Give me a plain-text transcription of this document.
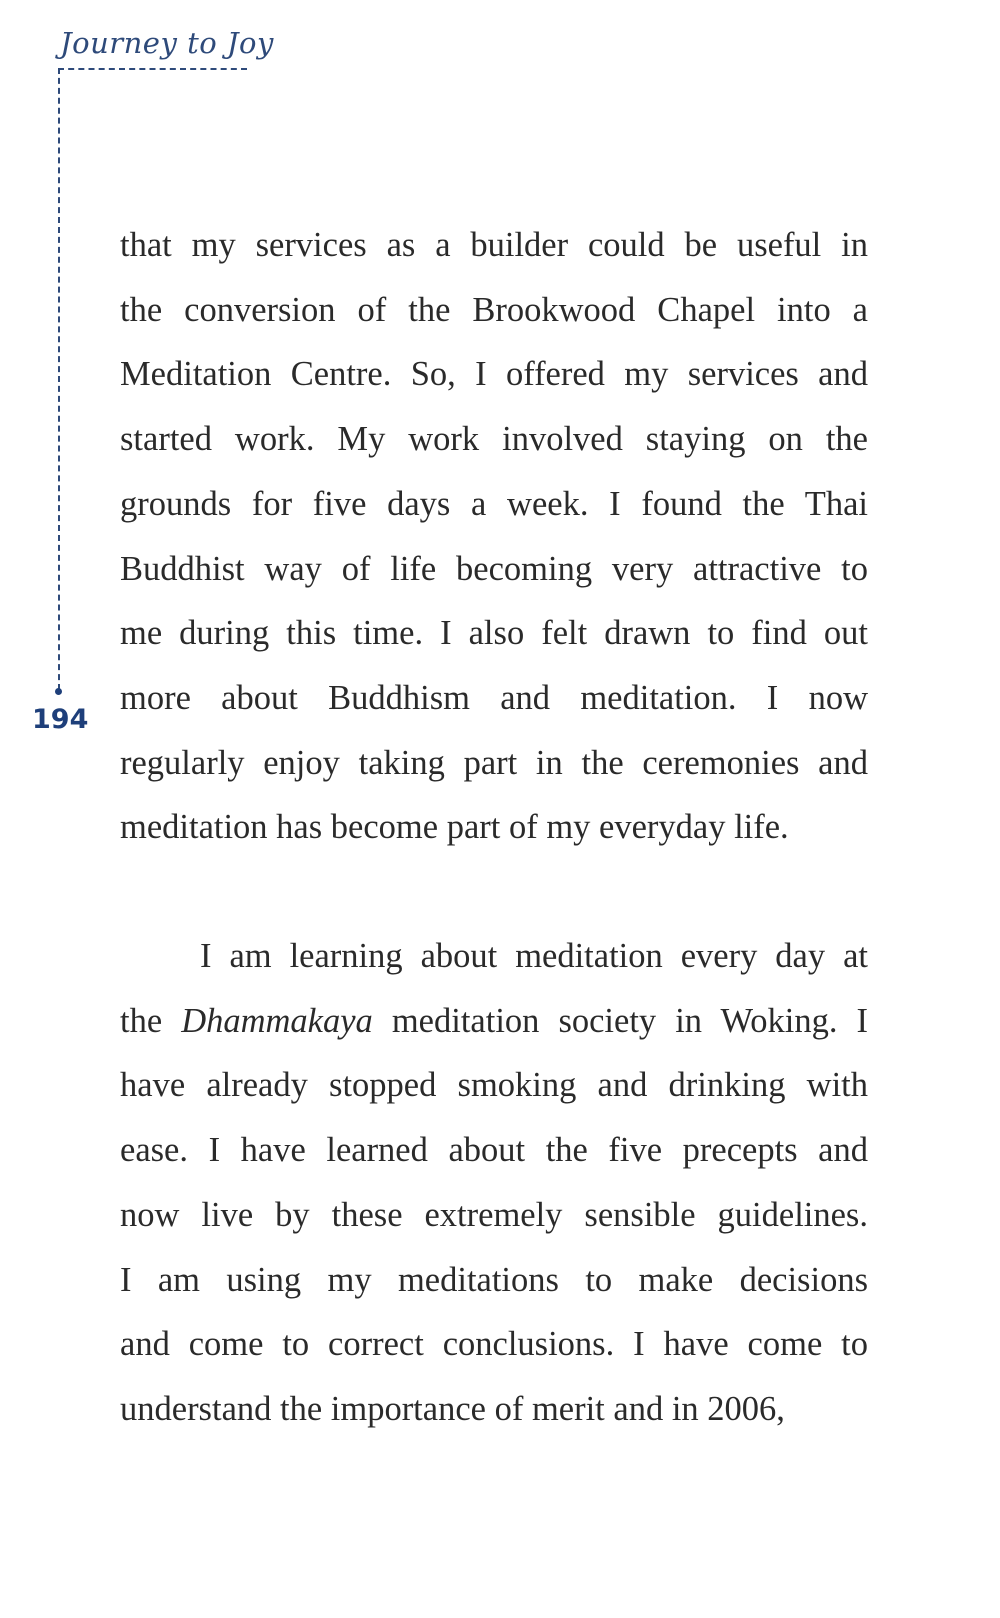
Journey to Joy
194

that my services as a builder could be useful in
the conversion of the Brookwood Chapel into a
Meditation Centre. So, I offered my services and
started work. My work involved staying on the
grounds for five days a week. I found the Thai
Buddhist way of life becoming very attractive to
me during this time. I also felt drawn to find out
more about Buddhism and meditation. I now
regularly enjoy taking part in the ceremonies and
meditation has become part of my everyday life.

I am learning about meditation every day at
the Dhammakaya meditation society in Woking. I
have already stopped smoking and drinking with
ease. I have learned about the five precepts and
now live by these extremely sensible guidelines.
I am using my meditations to make decisions
and come to correct conclusions. I have come to
understand the importance of merit and in 2006,
